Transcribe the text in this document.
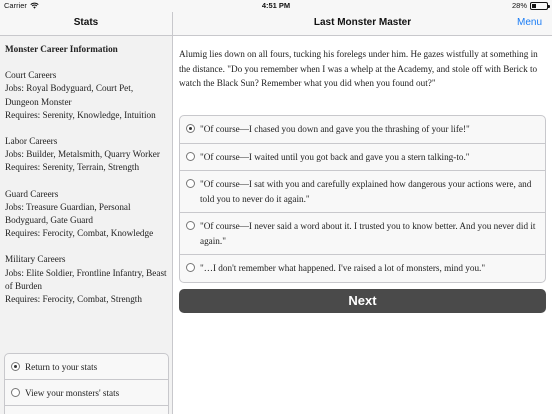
Carrier	4:51 PM	28%
Stats	Last Monster Master	Menu
Monster Career Information
Court Careers
Jobs: Royal Bodyguard, Court Pet, Dungeon Monster
Requires: Serenity, Knowledge, Intuition
Labor Careers
Jobs: Builder, Metalsmith, Quarry Worker
Requires: Serenity, Terrain, Strength
Guard Careers
Jobs: Treasure Guardian, Personal Bodyguard, Gate Guard
Requires: Ferocity, Combat, Knowledge
Military Careers
Jobs: Elite Soldier, Frontline Infantry, Beast of Burden
Requires: Ferocity, Combat, Strength
Return to your stats
View your monsters' stats
Alumig lies down on all fours, tucking his forelegs under him. He gazes wistfully at something in the distance. "Do you remember when I was a whelp at the Academy, and stole off with Berick to watch the Black Sun? Remember what you did when you found out?"
"Of course—I chased you down and gave you the thrashing of your life!"
"Of course—I waited until you got back and gave you a stern talking-to."
"Of course—I sat with you and carefully explained how dangerous your actions were, and told you to never do it again."
"Of course—I never said a word about it. I trusted you to know better. And you never did it again."
"…I don't remember what happened. I've raised a lot of monsters, mind you."
Next
